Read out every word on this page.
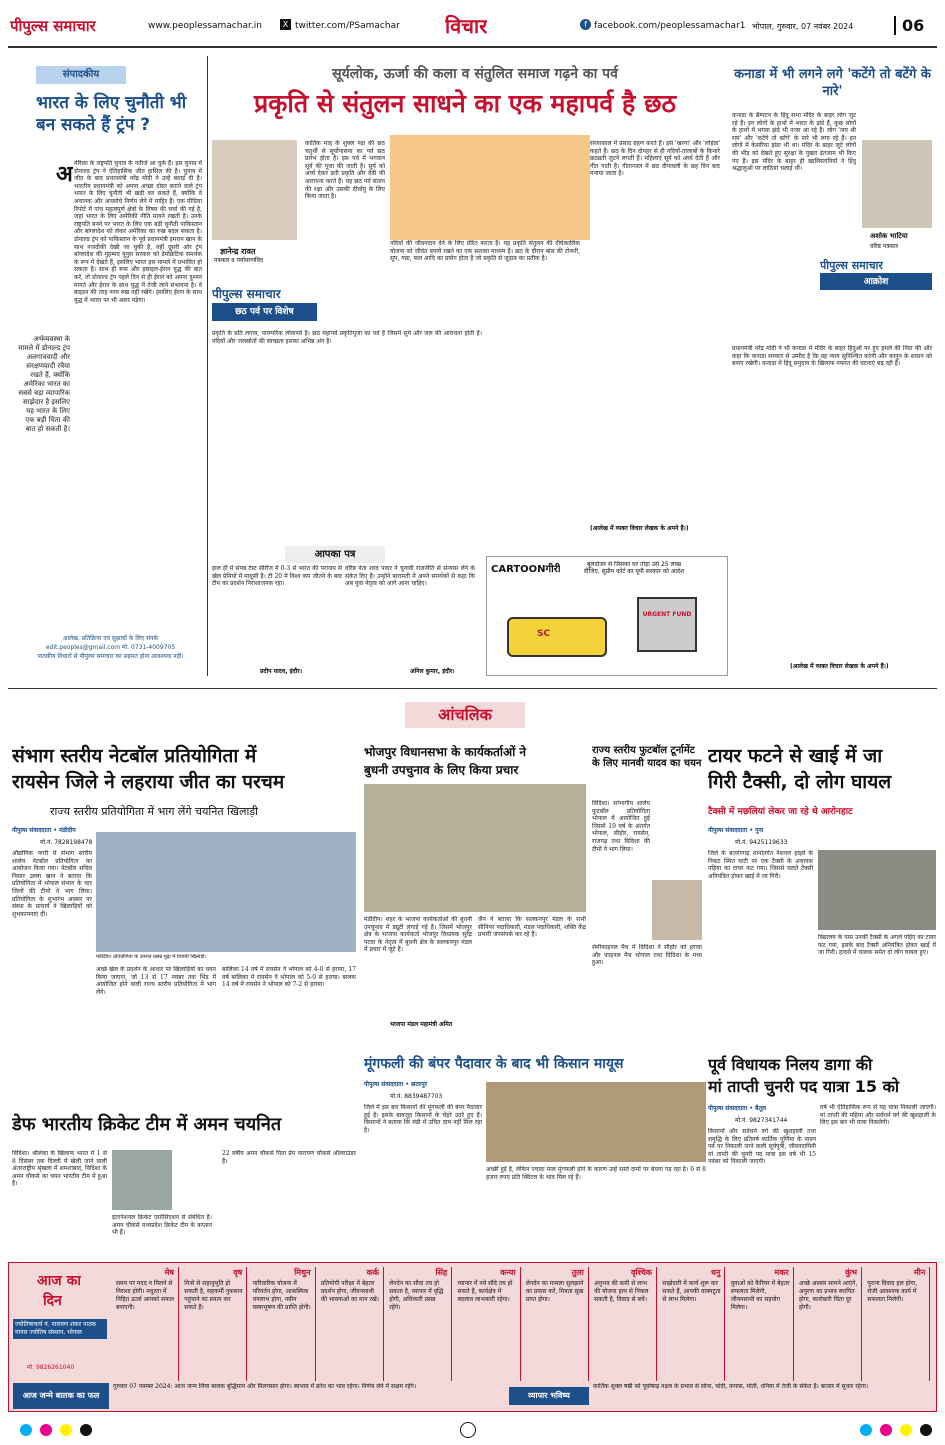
पीपुल्स समाचार	www.peoplessamachar.in	X twitter.com/PSamachar विचार	f facebook.com/peoplessamachar1 भोपाल, गुरुवार, 07 नवंबर 2024	06
संपादकीय
भारत के लिए चुनौती भी बन सकते हैं ट्रंप ?
अ मेरिका के राष्ट्रपति चुनाव के नतीजे आ चुके हैं। इस चुनाव में डोनाल्ड ट्रंप ने ऐतिहासिक जीत हासिल की है। चुनाव में जीत के बाद प्रधानमंत्री नरेंद्र मोदी ने उन्हें बधाई दी है। भारतीय प्रधानमंत्री को अपना अच्छा दोस्त बताने वाले ट्रंप भारत के लिए चुनौती भी खड़ी कर सकते हैं, क्योंकि वे अचानक और अनसोचे निर्णय लेने में माहिर हैं। एक मीडिया रिपोर्ट में पांच महत्वपूर्ण क्षेत्रों के विषय की चर्चा की गई है, जहां भारत के लिए अमेरिकी नीति मायने रखती है। उनके राष्ट्रपति बनने पर भारत के लिए एक बड़ी चुनौती पाकिस्तान और बांग्लादेश को लेकर अमेरिका का रुख बदल सकता है। डोनाल्ड ट्रंप को पाकिस्तान के पूर्व प्रधानमंत्री इमरान खान के साथ नजदीकी देखी जा चुकी है, वहीं दूसरी ओर ट्रंप बांग्लादेश की मुहम्मद यूनुस सरकार को डेमोक्रेटिक समर्थक के रूप में देखते हैं, इसलिए भारत इस मामले में प्रभावित हो सकता है। साथ ही रूस और इस्राइल-ईरान युद्ध की बात करें, तो डोनाल्ड ट्रंप पहले दिन से ही ईरान को अपना दुश्मन मानते और ईरान के साथ युद्ध में तेजी लाने संभावना है। वे बाइडन की तरह नरम रुख नहीं रखेंगे। इसलिए ईरान के साथ युद्ध में भारत पर भी असर पड़ेगा।
अर्थव्यवस्था के मामले में डोनाल्ड ट्रंप अलगाववादी और संरक्षणवादी रवैया रखते हैं, क्योंकि अमेरिका भारत का सबसे बड़ा व्यापारिक साझेदार है इसलिए यह भारत के लिए एक बड़ी चिंता की बात हो सकती है।
आलेख, प्रतिक्रिया एवं सुझावों के लिए संपर्क
edit.peoples@gmail.com मो. 0731-4009705
पाठकीय विचारों से पीपुल्स समाचार का सहमत होना आवश्यक नहीं।
सूर्यलोक, ऊर्जा की कला व संतुलित समाज गढ़ने का पर्व
प्रकृति से संतुलन साधने का एक महापर्व है छठ
ज्ञानेन्द्र रावत
पत्रकार व पर्यावरणविद
पीपुल्स समाचार
छठ पर्व पर विशेष
कार्तिक माह के शुक्ल पक्ष की छठ चतुर्थी से सूर्योपासना का पर्व छठ प्रारंभ होता है। इस पर्व में भगवान सूर्य की पूजा की जाती है। सूर्य को अर्घ्य देकर व्रती प्रकृति और देवी की आराधना करते हैं। यह छठ पर्व संतान की रक्षा और उसकी दीर्घायु के लिए किया जाता है।
प्रकृति के प्रति लगाव, पारम्परिक लोकपर्व है। छठ महापर्व प्रकृतिपूजा का पर्व है जिसमें सूर्य और जल की आराधना होती है। नदियों और जलस्रोतों की स्वच्छता इसका अभिन्न अंग है।
नदियों की जीवनदान देने के लिए प्रेरित करता है। यह प्रकृति संतुलन की दीर्घकालिक योजना को जीवंत बनाये रखने का एक सशक्त माध्यम है। छठ के दौरान बांस की टोकरी, सूप, गन्ना, फल आदि का प्रयोग होता है जो प्रकृति से जुड़ाव का प्रतीक है।
संध्याकाल में प्रसाद ग्रहण करते हैं। इसे 'खरना' और 'लोहंडा' कहते हैं। छठ के दिन दोपहर से ही नदियों-तालाबों के किनारे छठव्रती जुटने लगती हैं। महिलाएं सूर्य को अर्घ्य देती हैं और गीत गाती हैं। गीतान्जल में छठ दीपावली के छह दिन बाद मनाया जाता है।
(आलेख में व्यक्त विचार लेखक के अपने हैं।)
कनाडा में भी लगने लगे 'कटेंगे तो बटेंगे के नारे'
अशोक भाटिया
वरिष्ठ पत्रकार
पीपुल्स समाचार
आक्रोश
कनाडा के ब्रैम्पटन के हिंदू सभा मंदिर के बाहर लोग जुट रहे हैं। इन लोगों के हाथों में भारत के झंडे हैं, कुछ लोगों के हाथों में भगवा झंडे भी नजर आ रहे हैं। लोग 'जय श्री राम' और 'कटेंगे तो बटेंगे' के नारे भी लगा रहे हैं। इन लोगों में केसरिया झंडा भी था। मंदिर के बाहर जुटे लोगों की भीड़ को देखते हुए सुरक्षा के पुख्ता इंतजाम भी किए गए हैं। इस मंदिर के बाहर ही खालिस्तानियों ने हिंदू श्रद्धालुओं पर लाठियां चलाई थीं।
प्रधानमंत्री नरेंद्र मोदी ने भी कनाडा में मंदिर के बाहर हिंदुओं पर हुए हमले की निंदा की और कहा कि कनाडा सरकार से उम्मीद है कि वह न्याय सुनिश्चित करेगी और कानून के शासन को बनाए रखेगी। कनाडा में हिंदू समुदाय के खिलाफ नफरत की घटनाएं बढ़ रही हैं।
(आलेख में व्यक्त विचार लेखक के अपने हैं।)
आपका पत्र
हाल ही में संपन्न टेस्ट सीरीज में 0-3 से भारत की पराजय से खेल प्रेमियों में मायूसी है। टी 20 में विश्व कप जीतने के बाद टीम का प्रदर्शन निराशाजनक रहा।
प्रदीप यादव, इंदौर।
वरिष्ठ नेता शरद पवार ने चुनावी राजनीति से संन्यास लेने के संकेत दिए हैं। उन्होंने बारामती में अपने समर्थकों से कहा कि अब युवा नेतृत्व को आगे आना चाहिए।
अनिल कुमार, इंदौर।
CARTOONगीरी	बुलडोजर से जिसका घर तोड़ा उसे 25 लाख दीजिए, सुप्रीम कोर्ट का यूपी सरकार को आदेश
SC
URGENT FUND
आंचलिक
संभाग स्तरीय नेटबॉल प्रतियोगिता में
रायसेन जिले ने लहराया जीत का परचम
राज्य स्तरीय प्रतियोगिता में भाग लेंगे चयनित खिलाड़ी
पीपुल्स संवाददाता • मंडीदीप
मो.नं. 7828198478
औद्योगिक नगरी में संभाग स्तरीय शालेय नेटबॉल प्रतियोगिता का आयोजन किया गया। नेटबॉल सचिव निसार उल्ला खान ने बताया कि प्रतियोगिता में भोपाल संभाग के चार जिलों की टीमों ने भाग लिया। प्रतियोगिता के शुभारंभ अवसर पर संस्था के प्राचार्य ने खिलाड़ियों को शुभकामनाएं दीं।
मंडीदीप। प्रतियोगिता के उपरांत प्रसन्न मुद्रा में विजयी खिलाड़ी।
अच्छे खेल के प्रदर्शन के आधार पर खिलाड़ियों का चयन किया जाएगा, जो 13 से 17 नवंबर तक भिंड में आयोजित होने वाली राज्य स्तरीय प्रतियोगिता में भाग लेंगे।
बालिका 14 वर्ष में रायसेन ने भोपाल को 4-0 से हराया, 17 वर्ष बालिका में रायसेन ने भोपाल को 5-0 से हराया। बालक 14 वर्ष में रायसेन ने भोपाल को 7-2 से हराया।
भोजपुर विधानसभा के कार्यकर्ताओं ने
बुधनी उपचुनाव के लिए किया प्रचार
मंडीदीप। शहर के भाजपा कार्यकर्ताओं की बुधनी उपचुनाव में ड्यूटी लगाई गई है। जिसमें भोजपुर क्षेत्र के भाजपा कार्यकर्ता भोजपुर विधायक सुरेंद्र पटवा के नेतृत्व में बुधनी क्षेत्र के सलकनपुर मंडल में प्रचार में जुटे हैं।
जैन ने बताया कि सलकनपुर मंडल के सभी सीनियर पदाधिकारी, मंडल पदाधिकारी, शक्ति केंद्र प्रभारी जनसंपर्क कर रहे हैं।
भाजपा मंडल महामंत्री अमित
राज्य स्तरीय फुटबॉल टूर्नामेंट के लिए मानवी यादव का चयन
विदिशा। सांभागीय शालेय फुटबॉल प्रतियोगिता भोपाल में आयोजित हुई जिसमें 19 वर्ष के अंतर्गत भोपाल, सीहोर, रायसेन, राजगढ़ तथा विदिशा की टीमों ने भाग लिया।
सेमीफाइनल मैच में विदिशा ने सीहोर को हराया और फाइनल मैच भोपाल तथा विदिशा के मध्य हुआ।
टायर फटने से खाई में जा
गिरी टैक्सी, दो लोग घायल
टैक्सी में मछलियां लेकर जा रहे थे आरोनहाट
पीपुल्स संवाददाता • गुना
मो.नं. 9425119633
जिले के बजरंगगढ़ थानांतर्गत नेशनल हाइवे के निकट स्थित घाटी पर एक टैक्सी के अचानक पहिया का टायर फट गया। जिससे चलते टैक्सी अनियंत्रित होकर खाई में जा गिरी।
विद्यालय के पास उनकी टैक्सी के अगले पहिए का टायर फट गया, इसके बाद टैक्सी अनियंत्रित होकर खाई में जा गिरी। हादसे में चालक समेत दो लोग घायल हुए।
मूंगफली की बंपर पैदावार के बाद भी किसान मायूस
पीपुल्स संवाददाता • छतरपुर
मो.नं. 8839487703
जिले में इस बार किसानों की मूंगफली की बंपर पैदावार हुई है। इसके बावजूद किसानों के चेहरे उतरे हुए हैं। किसानों ने बताया कि मंडी में उचित दाम नहीं मिल रहा है।
अच्छी हुई है, लेकिन ज्यादा माल मूंगफली होने के कारण उन्हें सस्ते दामों पर बेचना पड़ रहा है। 6 से 8 हजार रुपए प्रति क्विंटल के भाव मिल रहे हैं।
डेफ भारतीय क्रिकेट टीम में अमन चयनित
विदिशा। श्रीलंका के खिलाफ भारत में 1 से 8 दिसंबर तक दिल्ली में खेली जाने वाली अंतरराष्ट्रीय श्रृंखला में शमशाबाद, विदिशा के अमन चौकसे का चयन भारतीय टीम में हुआ है।
इंटरनेशनल क्रिकेट एसोसिएशन से संबंधित है। अमन चौकसे मध्यप्रदेश क्रिकेट टीम के कप्तान भी हैं।
22 वर्षीय अमन चौकसे पिता प्रेम नारायण चौकसे ऑलराउंडर हैं।
पूर्व विधायक निलय डागा की
मां ताप्ती चुनरी पद यात्रा 15 को
पीपुल्स संवाददाता • बैतूल
मो.नं. 9827341744
किसानों और सर्वधर्म वर्ग की खुशहाली तथा समृद्धि के लिए प्रतिवर्ष कार्तिक पूर्णिमा के पावन पर्व पर निकाली जाने वाली सूर्यपुत्री, जीवनदायिनी मां ताप्ती की चुनरी पद यात्रा इस वर्ष भी 15 नवंबर को निकाली जाएगी।
वर्ष भी ऐतिहासिक रूप से यह यात्रा निकाली जाएगी। मां ताप्ती की महिमा और सर्वधर्म वर्ग की खुशहाली के लिए इस बार भी यात्रा निकलेगी।
आज का
दिन
ज्योतिषाचार्य पं. नारायण शंकर पाठक मानस ज्योतिष संस्थान, भोपाल
मो. 9826261040
मेष
समय पर मदद न मिलने से निराशा होगी। मधुरता में निहित ऊर्जा आपको सफल बनाएगी।
वृष
मित्रों से सहानुभूति हो सकती है, सहकर्मी नुकसान पहुंचाने का प्रयत्न कर सकते हैं।
मिथुन
पारिवारिक योजना में परिवर्तन होगा, आकस्मिक धनलाभ होगा, नवीन वस्त्राभूषण की प्राप्ति होगी।
कर्क
प्रतियोगी परीक्षा में बेहतर प्रदर्शन होगा, जीवनसाथी की भावनाओं का मान रखें।
सिंह
लेनदेन का सौदा तय हो सकता है, व्यापार में वृद्धि होगी, अधिकारी प्रसन्न रहेंगे।
कन्या
व्यापार में नये सौदे तय हो सकते हैं, कार्यक्षेत्र में बदलाव लाभकारी रहेगा।
तुला
लेनदेन का मामला सुलझाने का प्रयास करें, मित्रता सुख प्राप्त होगा।
वृश्चिक
अनुभव की कमी से लाभ की योजना हाथ से निकल सकती है, विवाद से बचें।
धनु
साझेदारी में कार्य शुरू कर सकते हैं, आपकी वाक्पटुता से लाभ मिलेगा।
मकर
युवाओं को कैरियर में बेहतर सफलता मिलेगी, जीवनसाथी का सहयोग मिलेगा।
कुंभ
अच्छे अवसर सामने आएंगे, अनुराग का प्रभाव स्थापित होगा, कारोबारी चिंता दूर होगी।
मीन
पुराना विवाद हल होगा, रोजी आवश्यक कार्य में सफलता मिलेगी।
आज जन्मे बालक का फल
गुरुवार 07 नवम्बर 2024: आज जन्म लिया बालक बुद्धिमान और मिलनसार होगा। स्वभाव में क्रोध का भाव रहेगा। निर्णय लेने में सक्षम रहेंगे।
व्यापार भविष्य
कार्तिक शुक्ल षष्ठी को पूर्वाषाढ़ नक्षत्र के प्रभाव से सोना, चांदी, कपास, मोती, धनिया में तेजी के संकेत हैं। बाजार में सुधार रहेगा।
